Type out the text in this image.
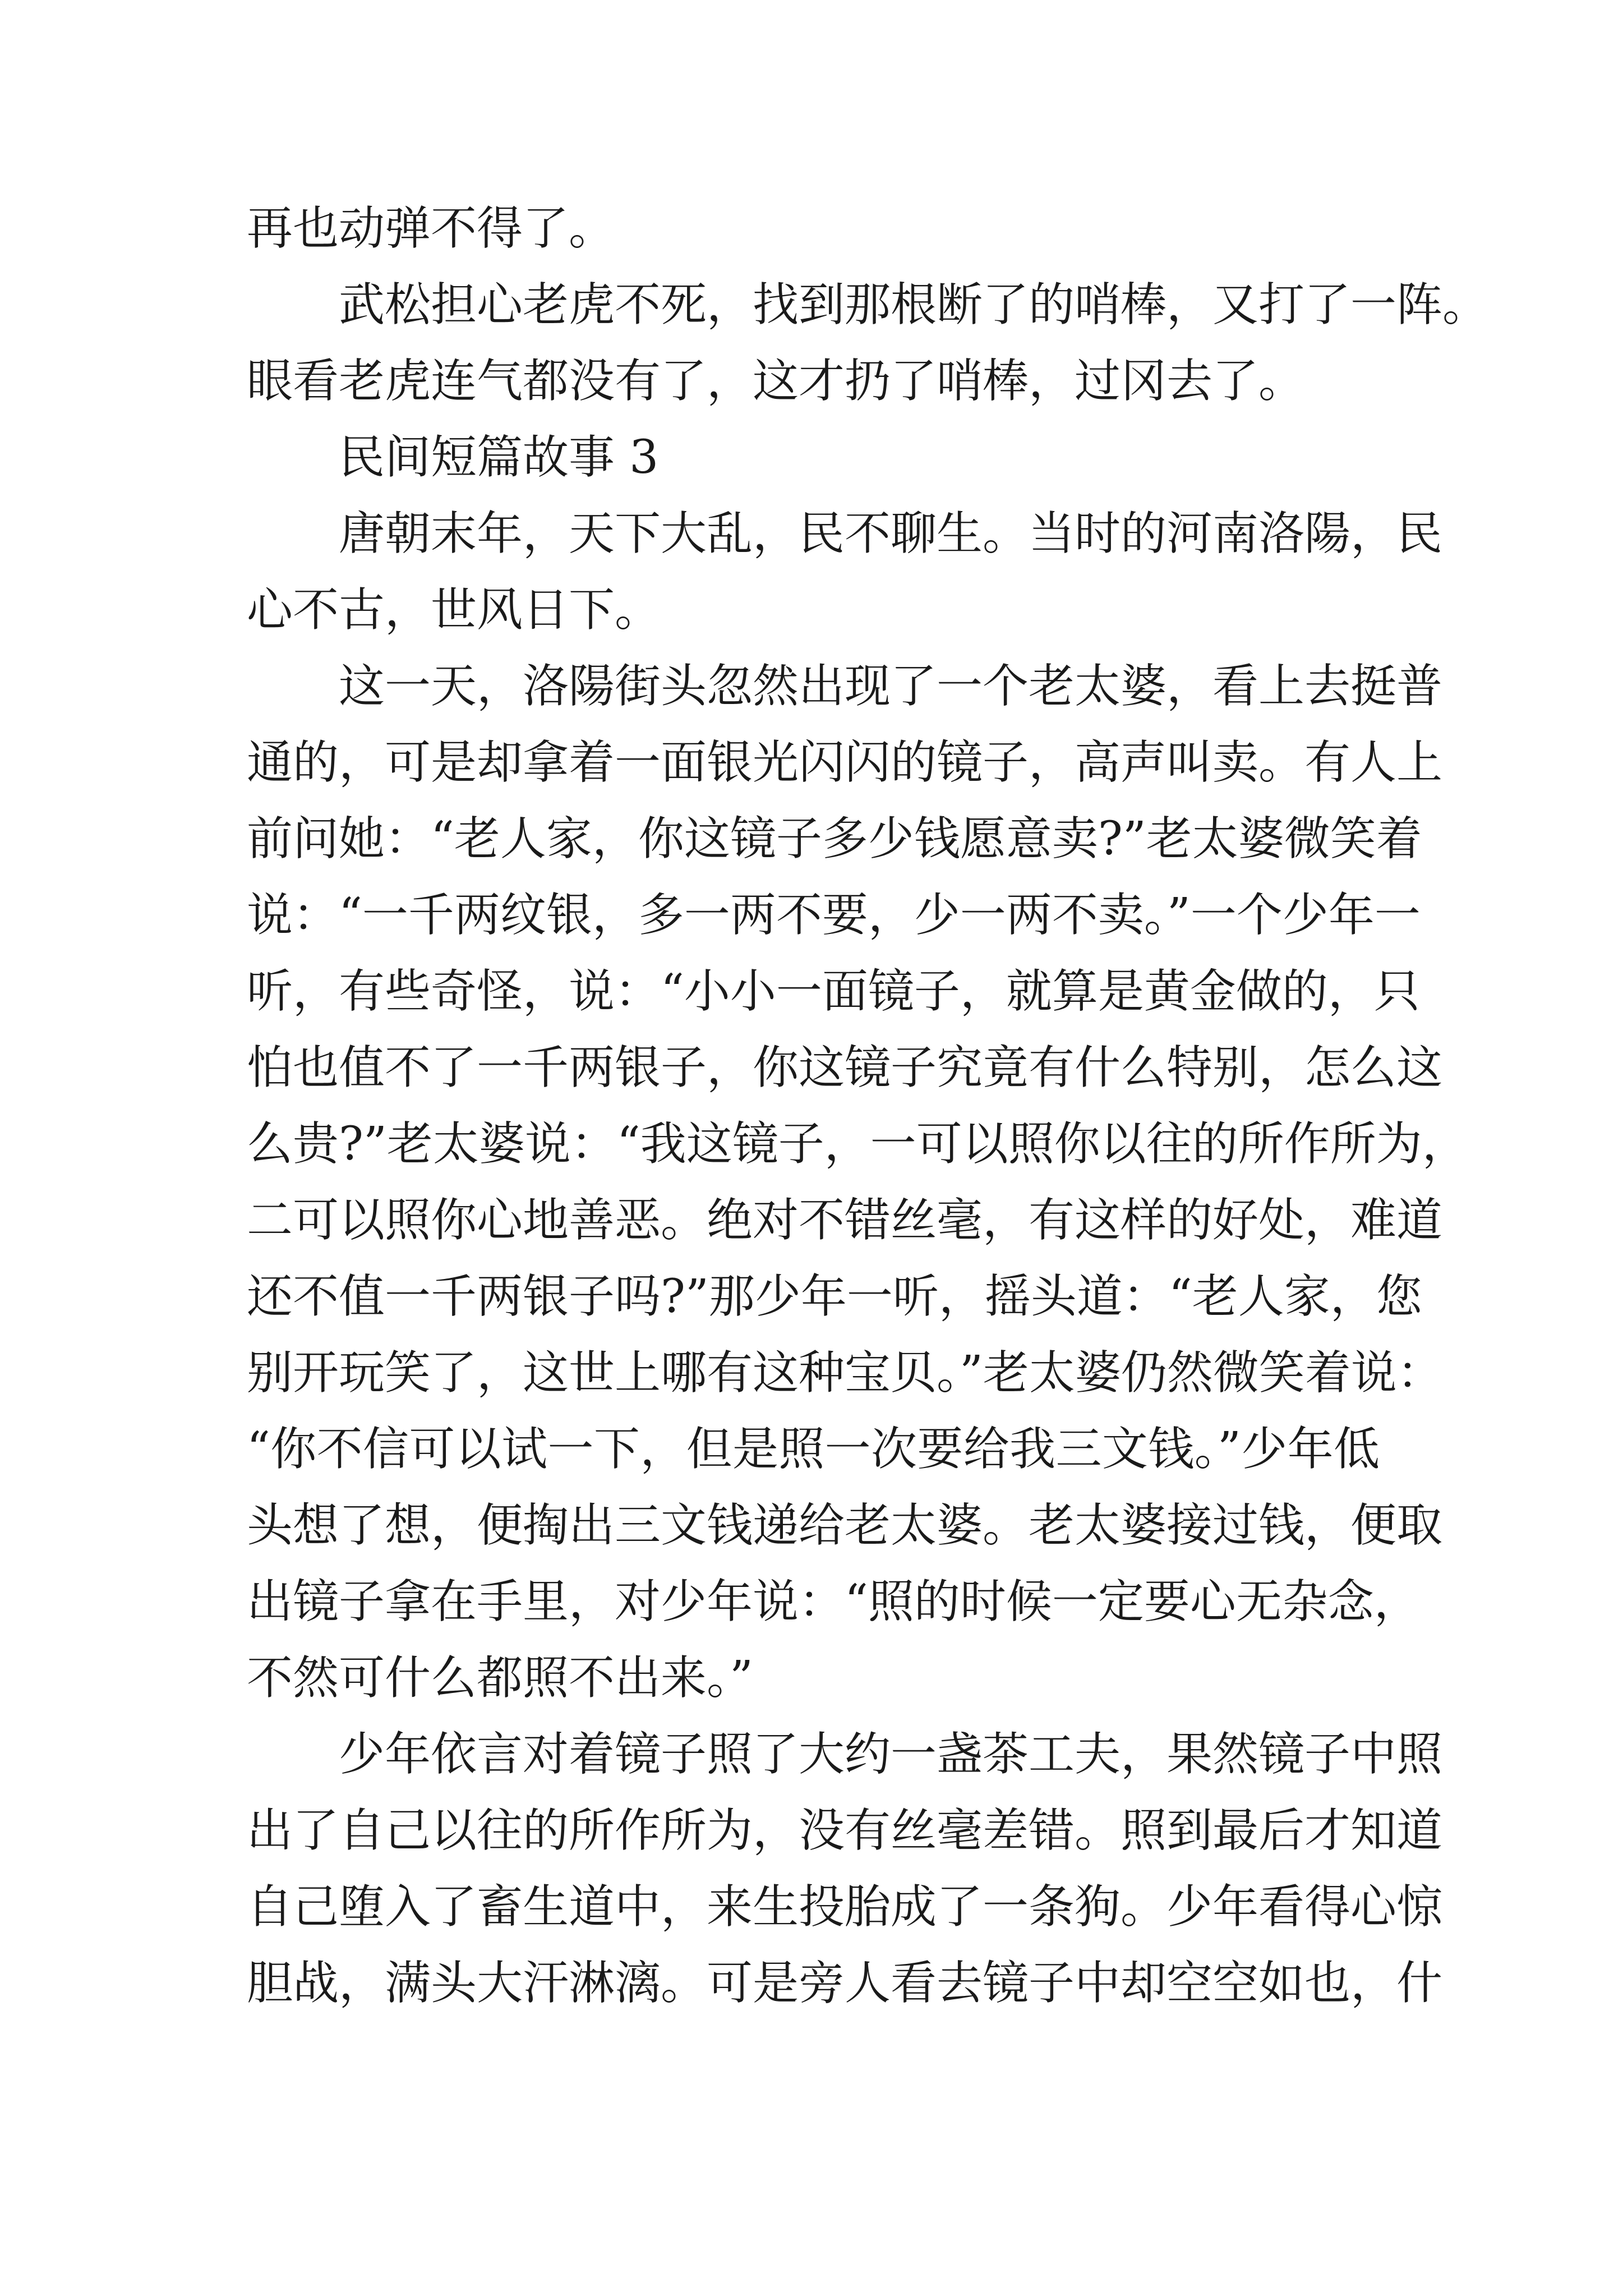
再也动弹不得了。
武松担心老虎不死，找到那根断了的哨棒，又打了一阵。
眼看老虎连气都没有了，这才扔了哨棒，过冈去了。
民间短篇故事 3
唐朝末年，天下大乱，民不聊生。当时的河南洛陽，民
心不古，世风日下。
这一天，洛陽街头忽然出现了一个老太婆，看上去挺普
通的，可是却拿着一面银光闪闪的镜子，高声叫卖。有人上
前问她：“老人家，你这镜子多少钱愿意卖?”老太婆微笑着
说：“一千两纹银，多一两不要，少一两不卖。”一个少年一
听，有些奇怪，说：“小小一面镜子，就算是黄金做的，只
怕也值不了一千两银子，你这镜子究竟有什么特别，怎么这
么贵?”老太婆说：“我这镜子，一可以照你以往的所作所为，
二可以照你心地善恶。绝对不错丝毫，有这样的好处，难道
还不值一千两银子吗?”那少年一听，摇头道：“老人家，您
别开玩笑了，这世上哪有这种宝贝。”老太婆仍然微笑着说：
“你不信可以试一下，但是照一次要给我三文钱。”少年低
头想了想，便掏出三文钱递给老太婆。老太婆接过钱，便取
出镜子拿在手里，对少年说：“照的时候一定要心无杂念，
不然可什么都照不出来。”
少年依言对着镜子照了大约一盏茶工夫，果然镜子中照
出了自己以往的所作所为，没有丝毫差错。照到最后才知道
自己堕入了畜生道中，来生投胎成了一条狗。少年看得心惊
胆战，满头大汗淋漓。可是旁人看去镜子中却空空如也，什
